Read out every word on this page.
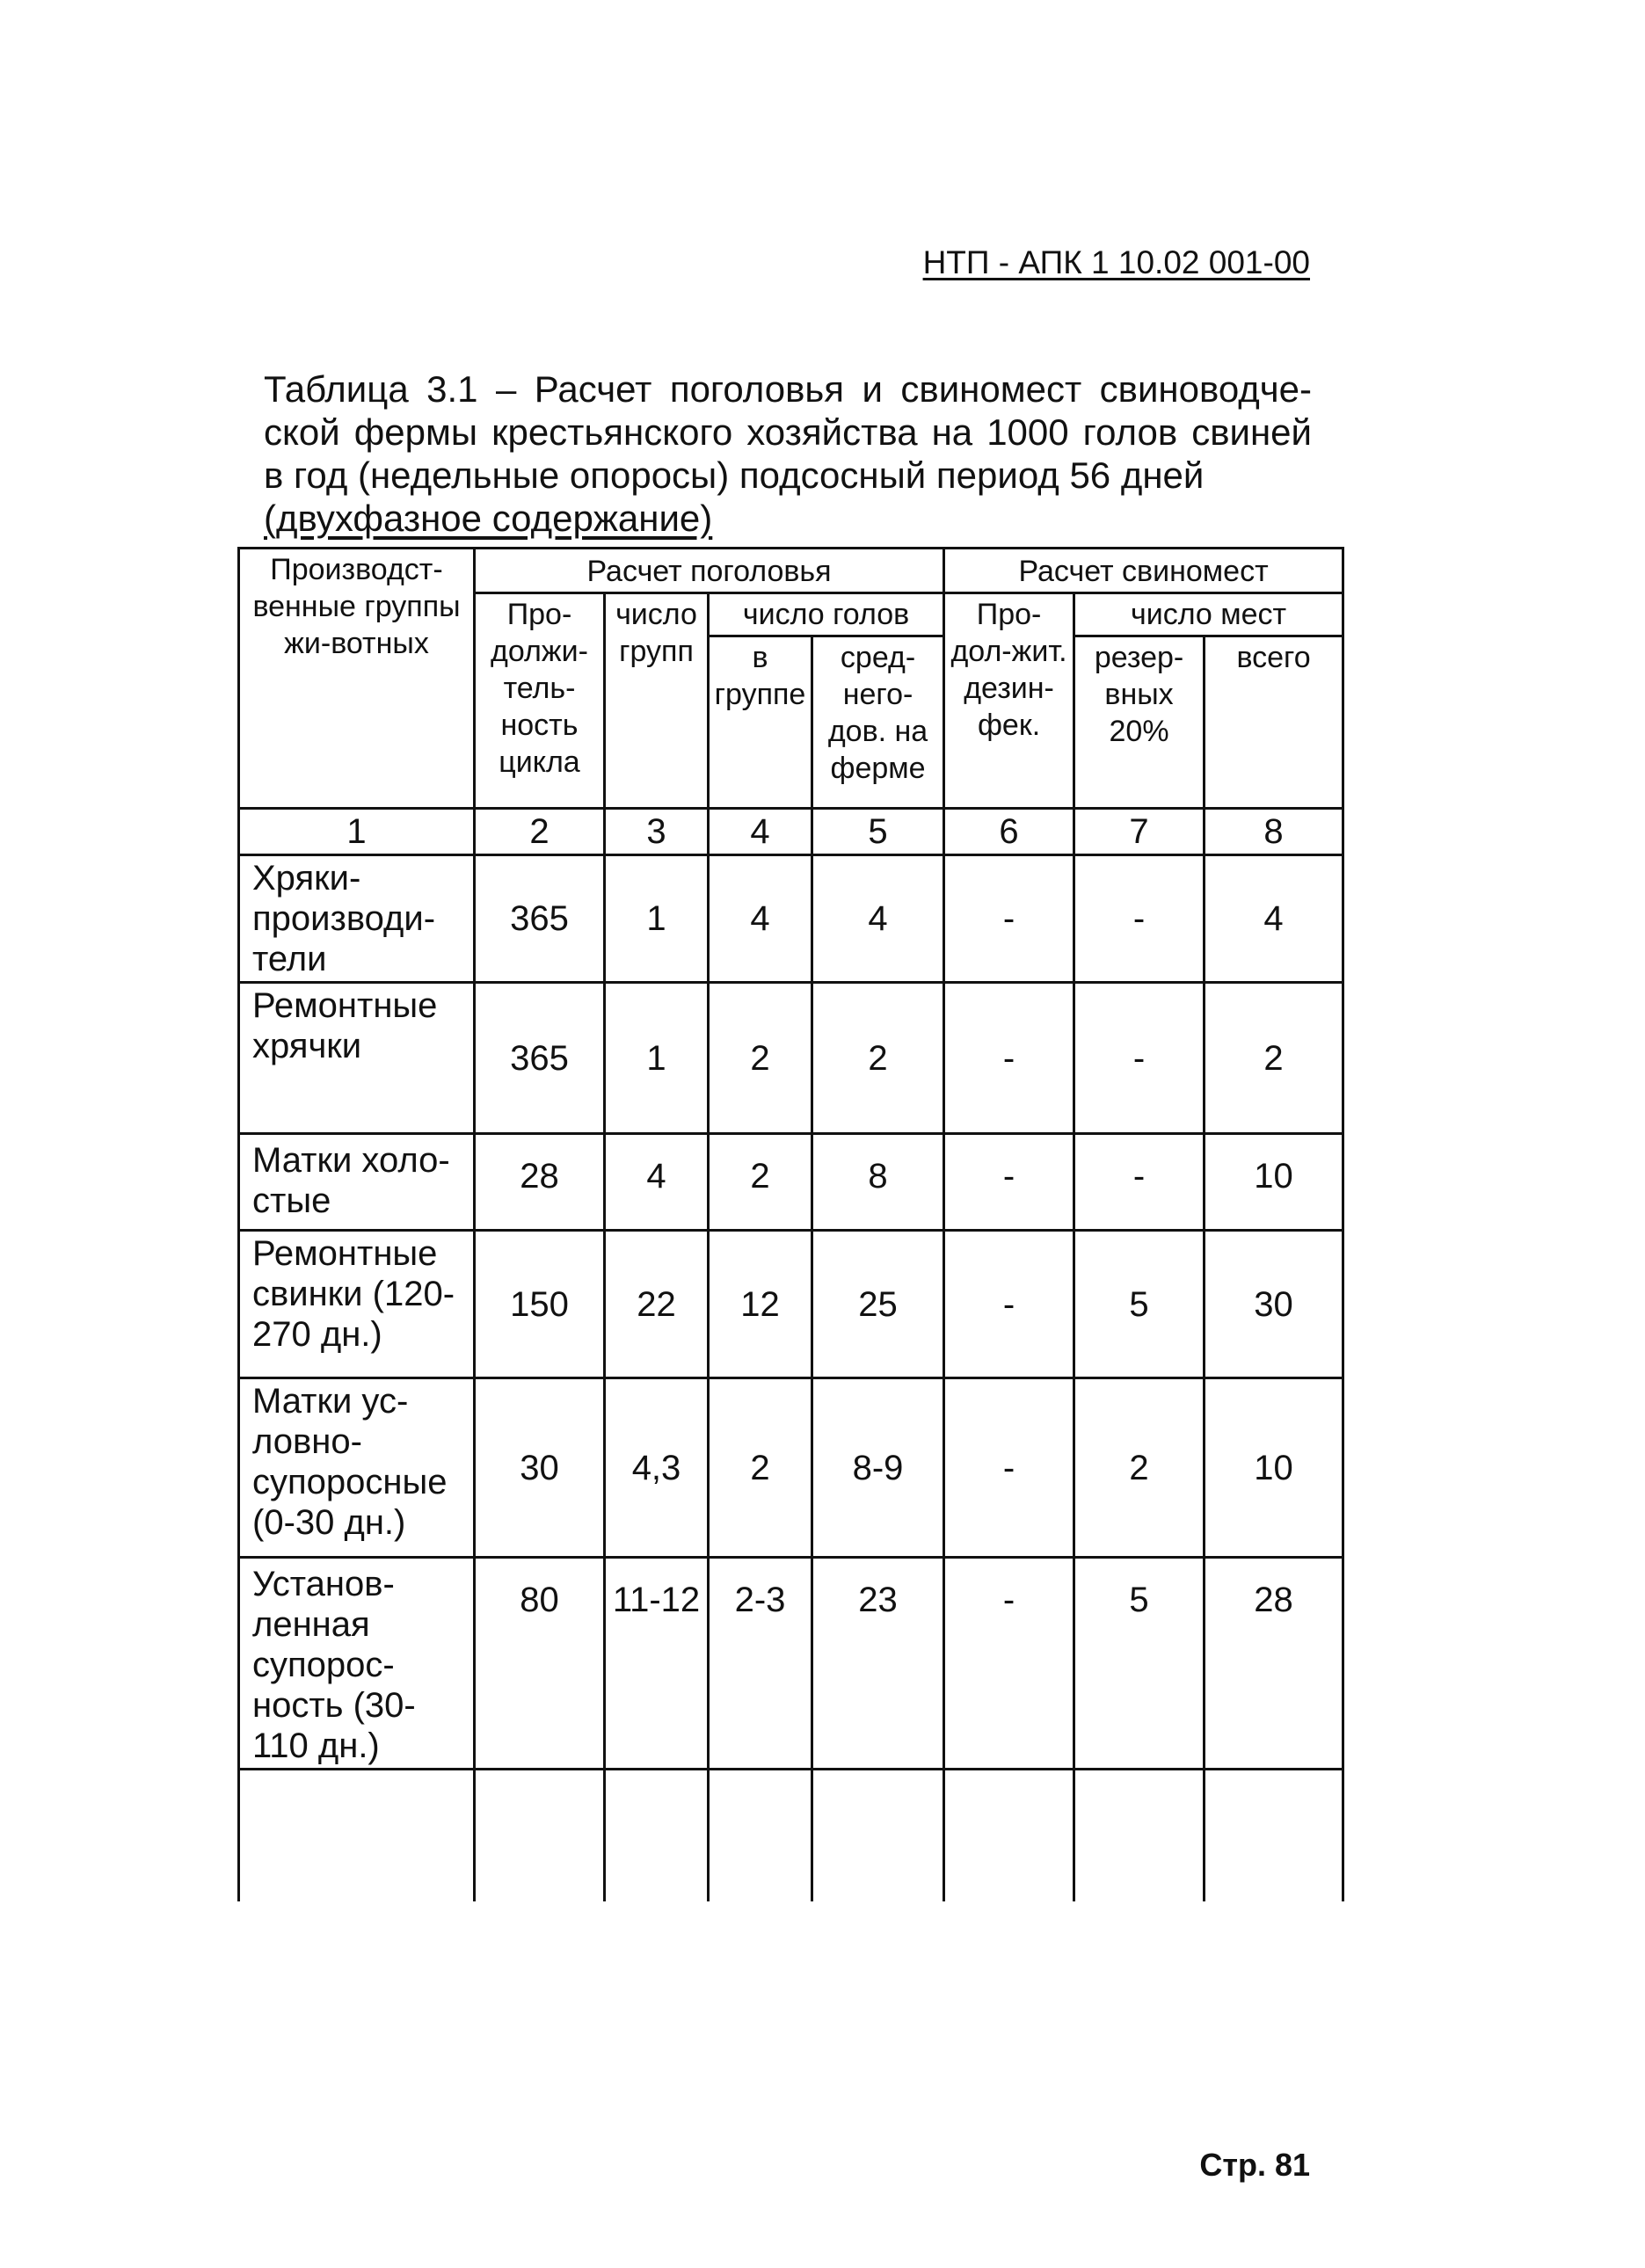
НТП - АПК 1 10.02 001-00
Таблица 3.1 – Расчет поголовья и свиномест свиноводче- ской фермы крестьянского хозяйства на 1000 голов свиней в год (недельные опоросы) подсосный период 56 дней
(двухфазное содержание)
Производст-венные группы жи-вотных	Расчет поголовья				Расчет свиномест		
	Про-должи-тель-ность цикла	число групп	число голов		Про-дол-жит. дезин-фек.	число мест	
			в группе	сред-него-дов. на ферме		резер-вных 20%	всего
1	2	3	4	5	6	7	8
Хряки-производи-тели	365	1	4	4	-	-	4
Ремонтные хрячки	365	1	2	2	-	-	2
Матки холо-стые	28	4	2	8	-	-	10
Ремонтные свинки (120-270 дн.)	150	22	12	25	-	5	30
Матки ус-ловно-супоросные (0-30 дн.)	30	4,3	2	8-9	-	2	10
Установ-ленная супорос-ность (30-110 дн.)	80	11-12	2-3	23	-	5	28

Стр. 81
